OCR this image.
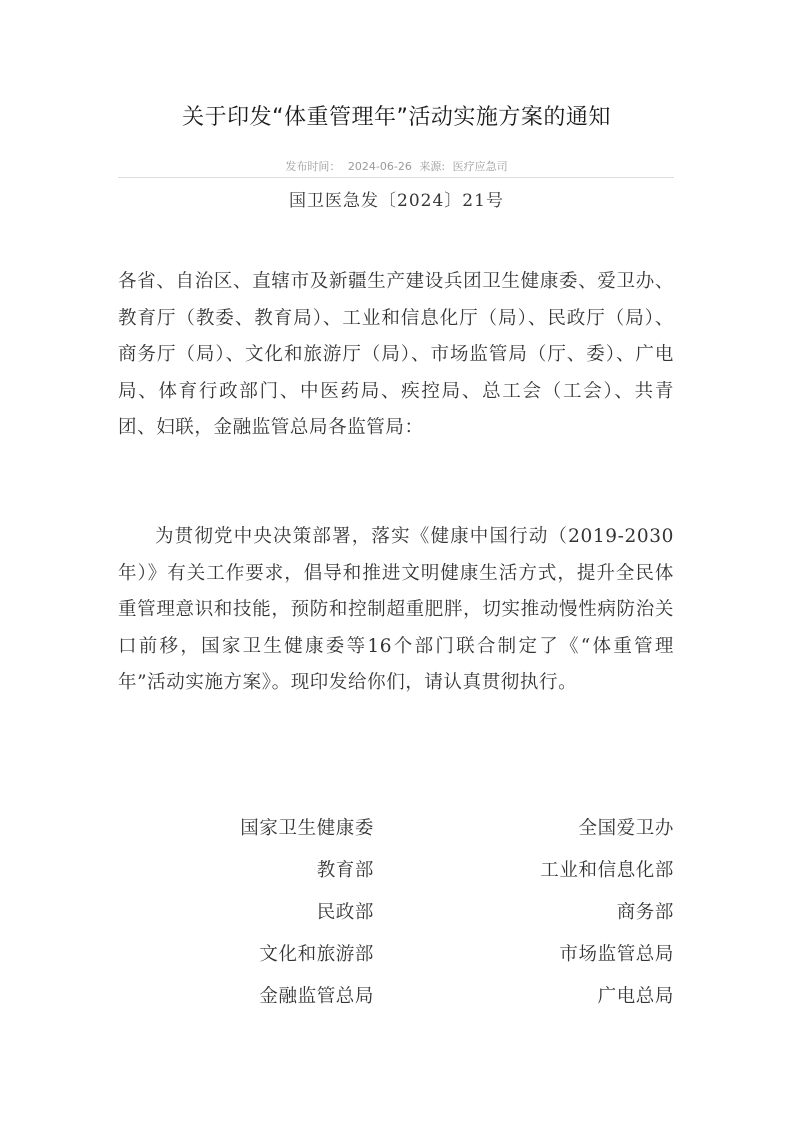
关于印发“体重管理年”活动实施方案的通知
发布时间： 2024-06-26 来源: 医疗应急司
国卫医急发〔2024〕21号
各省、自治区、直辖市及新疆生产建设兵团卫生健康委、爱卫办、教育厅（教委、教育局）、工业和信息化厅（局）、民政厅（局）、商务厅（局）、文化和旅游厅（局）、市场监管局（厅、委）、广电局、体育行政部门、中医药局、疾控局、总工会（工会）、共青团、妇联，金融监管总局各监管局：
为贯彻党中央决策部署，落实《健康中国行动（2019-2030年）》有关工作要求，倡导和推进文明健康生活方式，提升全民体重管理意识和技能，预防和控制超重肥胖，切实推动慢性病防治关口前移，国家卫生健康委等16个部门联合制定了《“体重管理年”活动实施方案》。现印发给你们，请认真贯彻执行。
国家卫生健康委	全国爱卫办
教育部	工业和信息化部
民政部	商务部
文化和旅游部	市场监管总局
金融监管总局	广电总局
